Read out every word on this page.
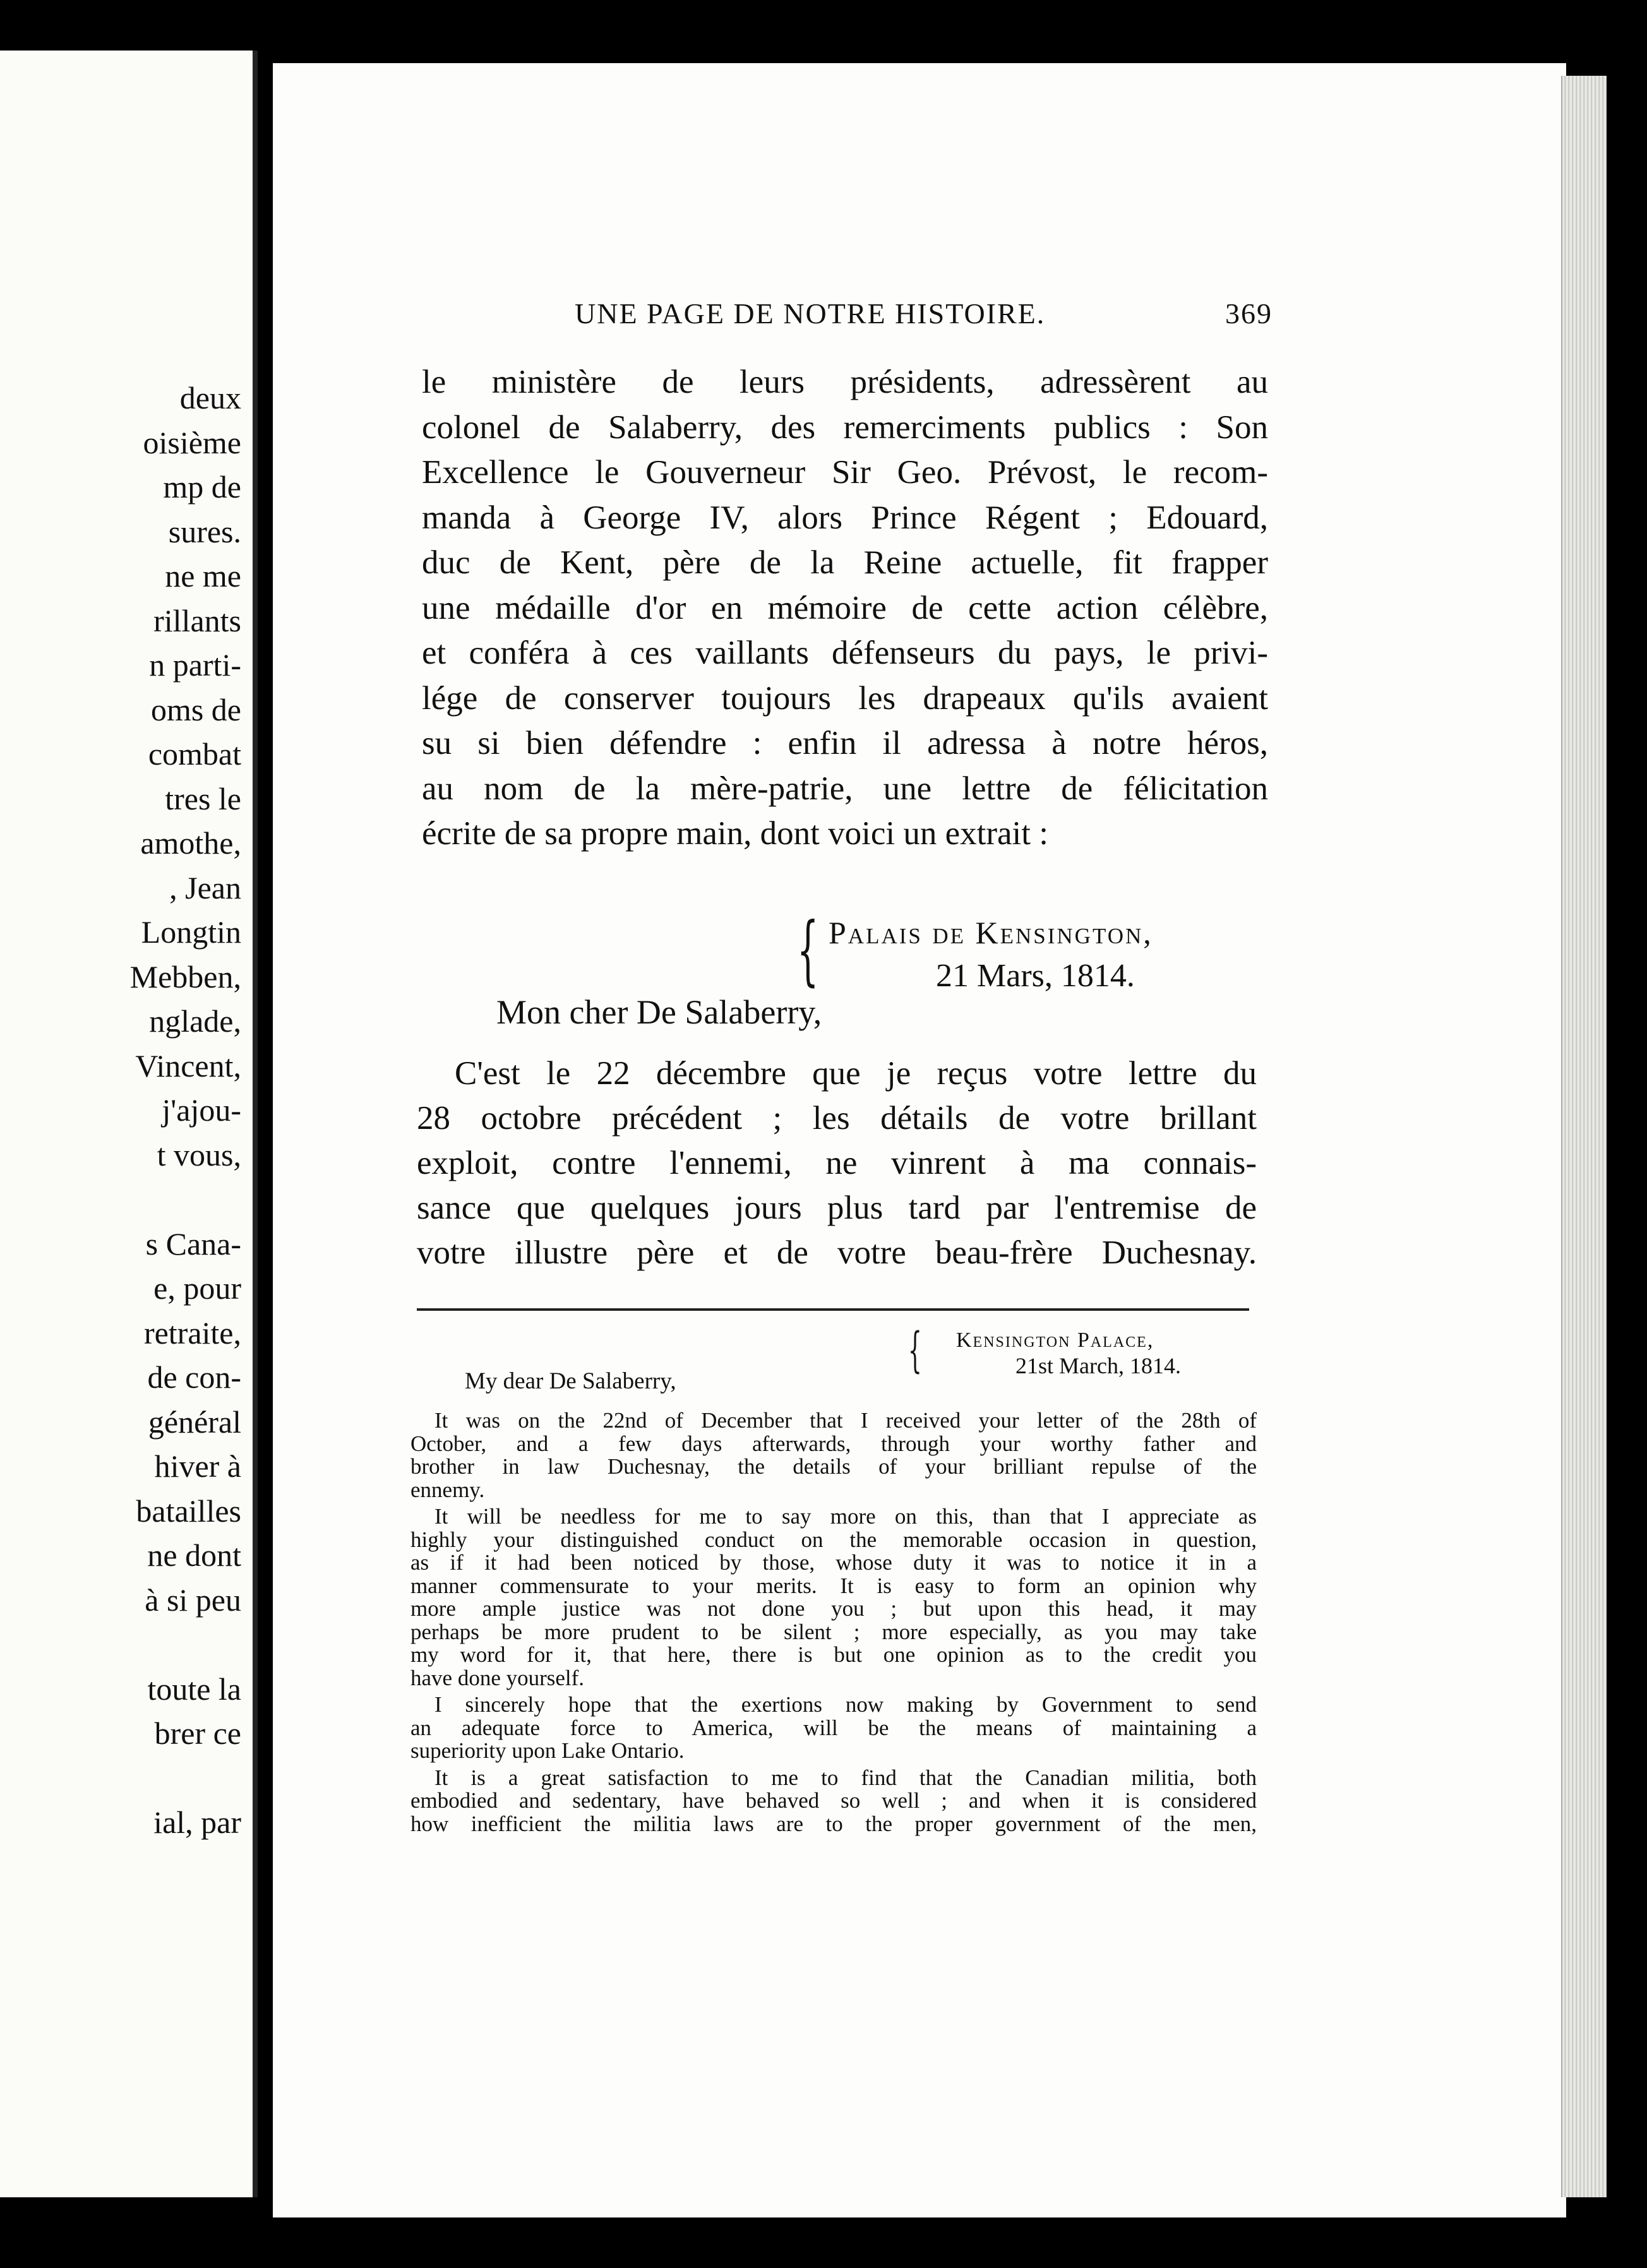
deux
oisième
mp de
sures.
ne me
rillants
n parti-
oms de
combat
tres le
amothe,
, Jean
Longtin
Mebben,
nglade,
Vincent,
j'ajou-
t vous,
s Cana-
e, pour
retraite,
de con-
général
hiver à
batailles
ne dont
à si peu
toute la
brer ce
ial, par
UNE PAGE DE NOTRE HISTOIRE.	369
le ministère de leurs présidents, adressèrent au
colonel de Salaberry, des remerciments publics : Son
Excellence le Gouverneur Sir Geo. Prévost, le recom-
manda à George IV, alors Prince Régent ; Edouard,
duc de Kent, père de la Reine actuelle, fit frapper
une médaille d'or en mémoire de cette action célèbre,
et conféra à ces vaillants défenseurs du pays, le privi-
lége de conserver toujours les drapeaux qu'ils avaient
su si bien défendre : enfin il adressa à notre héros,
au nom de la mère-patrie, une lettre de félicitation
écrite de sa propre main, dont voici un extrait :
{ Palais de Kensington,
21 Mars, 1814.
Mon cher De Salaberry,
C'est le 22 décembre que je reçus votre lettre du
28 octobre précédent ; les détails de votre brillant
exploit, contre l'ennemi, ne vinrent à ma connais-
sance que quelques jours plus tard par l'entremise de
votre illustre père et de votre beau-frère Duchesnay.
{ Kensington Palace,
21st March, 1814.
My dear De Salaberry,
It was on the 22nd of December that I received your letter of the 28th of
October, and a few days afterwards, through your worthy father and
brother in law Duchesnay, the details of your brilliant repulse of the
ennemy.
It will be needless for me to say more on this, than that I appreciate as
highly your distinguished conduct on the memorable occasion in question,
as if it had been noticed by those, whose duty it was to notice it in a
manner commensurate to your merits. It is easy to form an opinion why
more ample justice was not done you ; but upon this head, it may
perhaps be more prudent to be silent ; more especially, as you may take
my word for it, that here, there is but one opinion as to the credit you
have done yourself.
I sincerely hope that the exertions now making by Government to send
an adequate force to America, will be the means of maintaining a
superiority upon Lake Ontario.
It is a great satisfaction to me to find that the Canadian militia, both
embodied and sedentary, have behaved so well ; and when it is considered
how inefficient the militia laws are to the proper government of the men,
